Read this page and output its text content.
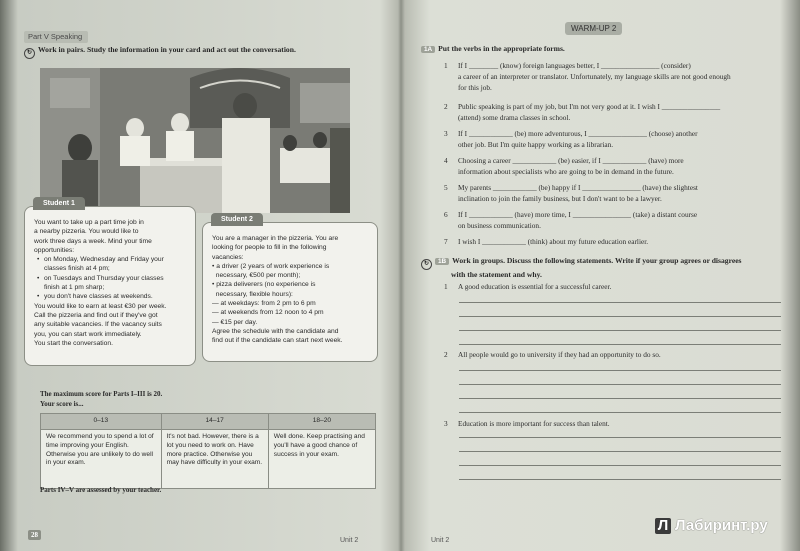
Part V Speaking
↻ Work in pairs. Study the information in your card and act out the conversation.
Student 1

You want to take up a part time job in

a nearby pizzeria. You would like to

work three days a week. Mind your time

opportunities:

• on Monday, Wednesday and Friday your
classes finish at 4 pm;
• on Tuesdays and Thursday your classes
finish at 1 pm sharp;
• you don't have classes at weekends.

You would like to earn at least €30 per week.

Call the pizzeria and find out if they've got

any suitable vacancies. If the vacancy suits

you, you can start work immediately.

You start the conversation.

Student 2

You are a manager in the pizzeria. You are

looking for people to fill in the following

vacancies:

• a driver (2 years of work experience is
necessary, €500 per month);

• pizza deliverers (no experience is
necessary, flexible hours):

— at weekdays: from 2 pm to 6 pm

— at weekends from 12 noon to 4 pm

— €15 per day.

Agree the schedule with the candidate and

find out if the candidate can start next week.

The maximum score for Parts I–III is 20.
Your score is...
0–13	14–17	18–20
We recommend you to spend a lot of time improving your English. Otherwise you are unlikely to do well in your exam.	It's not bad. However, there is a lot you need to work on. Have more practice. Otherwise you may have difficulty in your exam.	Well done. Keep practising and you'll have a good chance of success in your exam.
Parts IV–V are assessed by your teacher.
28
Unit 2
WARM-UP 2
1A Put the verbs in the appropriate forms.
1 If I ________ (know) foreign languages better, I ________________ (consider)
a career of an interpreter or translator. Unfortunately, my language skills are not good enough
for this job.
2 Public speaking is part of my job, but I'm not very good at it. I wish I ________________
(attend) some drama classes in school.
3 If I ____________ (be) more adventurous, I ________________ (choose) another
other job. But I'm quite happy working as a librarian.
4 Choosing a career ____________ (be) easier, if I ____________ (have) more
information about specialists who are going to be in demand in the future.
5 My parents ____________ (be) happy if I ________________ (have) the slightest
inclination to join the family business, but I don't want to be a lawyer.
6 If I ____________ (have) more time, I ________________ (take) a distant course
on business communication.
7 I wish I ____________ (think) about my future education earlier.
↻ 1B Work in groups. Discuss the following statements. Write if your group agrees or disagrees
with the statement and why.
1 A good education is essential for a successful career.
2 All people would go to university if they had an opportunity to do so.
3 Education is more important for success than talent.
Unit 2
Л Лабиринт.ру
